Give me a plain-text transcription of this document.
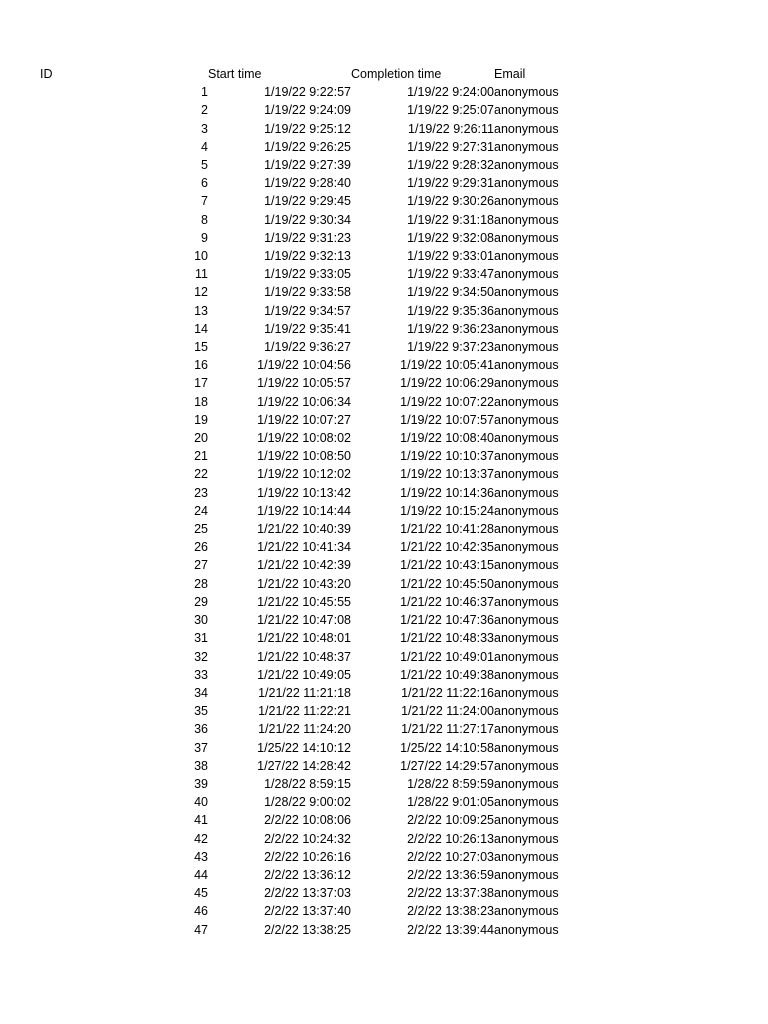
ID	Start time	Completion time	Email
1	1/19/22 9:22:57	1/19/22 9:24:00	anonymous
2	1/19/22 9:24:09	1/19/22 9:25:07	anonymous
3	1/19/22 9:25:12	1/19/22 9:26:11	anonymous
4	1/19/22 9:26:25	1/19/22 9:27:31	anonymous
5	1/19/22 9:27:39	1/19/22 9:28:32	anonymous
6	1/19/22 9:28:40	1/19/22 9:29:31	anonymous
7	1/19/22 9:29:45	1/19/22 9:30:26	anonymous
8	1/19/22 9:30:34	1/19/22 9:31:18	anonymous
9	1/19/22 9:31:23	1/19/22 9:32:08	anonymous
10	1/19/22 9:32:13	1/19/22 9:33:01	anonymous
11	1/19/22 9:33:05	1/19/22 9:33:47	anonymous
12	1/19/22 9:33:58	1/19/22 9:34:50	anonymous
13	1/19/22 9:34:57	1/19/22 9:35:36	anonymous
14	1/19/22 9:35:41	1/19/22 9:36:23	anonymous
15	1/19/22 9:36:27	1/19/22 9:37:23	anonymous
16	1/19/22 10:04:56	1/19/22 10:05:41	anonymous
17	1/19/22 10:05:57	1/19/22 10:06:29	anonymous
18	1/19/22 10:06:34	1/19/22 10:07:22	anonymous
19	1/19/22 10:07:27	1/19/22 10:07:57	anonymous
20	1/19/22 10:08:02	1/19/22 10:08:40	anonymous
21	1/19/22 10:08:50	1/19/22 10:10:37	anonymous
22	1/19/22 10:12:02	1/19/22 10:13:37	anonymous
23	1/19/22 10:13:42	1/19/22 10:14:36	anonymous
24	1/19/22 10:14:44	1/19/22 10:15:24	anonymous
25	1/21/22 10:40:39	1/21/22 10:41:28	anonymous
26	1/21/22 10:41:34	1/21/22 10:42:35	anonymous
27	1/21/22 10:42:39	1/21/22 10:43:15	anonymous
28	1/21/22 10:43:20	1/21/22 10:45:50	anonymous
29	1/21/22 10:45:55	1/21/22 10:46:37	anonymous
30	1/21/22 10:47:08	1/21/22 10:47:36	anonymous
31	1/21/22 10:48:01	1/21/22 10:48:33	anonymous
32	1/21/22 10:48:37	1/21/22 10:49:01	anonymous
33	1/21/22 10:49:05	1/21/22 10:49:38	anonymous
34	1/21/22 11:21:18	1/21/22 11:22:16	anonymous
35	1/21/22 11:22:21	1/21/22 11:24:00	anonymous
36	1/21/22 11:24:20	1/21/22 11:27:17	anonymous
37	1/25/22 14:10:12	1/25/22 14:10:58	anonymous
38	1/27/22 14:28:42	1/27/22 14:29:57	anonymous
39	1/28/22 8:59:15	1/28/22 8:59:59	anonymous
40	1/28/22 9:00:02	1/28/22 9:01:05	anonymous
41	2/2/22 10:08:06	2/2/22 10:09:25	anonymous
42	2/2/22 10:24:32	2/2/22 10:26:13	anonymous
43	2/2/22 10:26:16	2/2/22 10:27:03	anonymous
44	2/2/22 13:36:12	2/2/22 13:36:59	anonymous
45	2/2/22 13:37:03	2/2/22 13:37:38	anonymous
46	2/2/22 13:37:40	2/2/22 13:38:23	anonymous
47	2/2/22 13:38:25	2/2/22 13:39:44	anonymous
